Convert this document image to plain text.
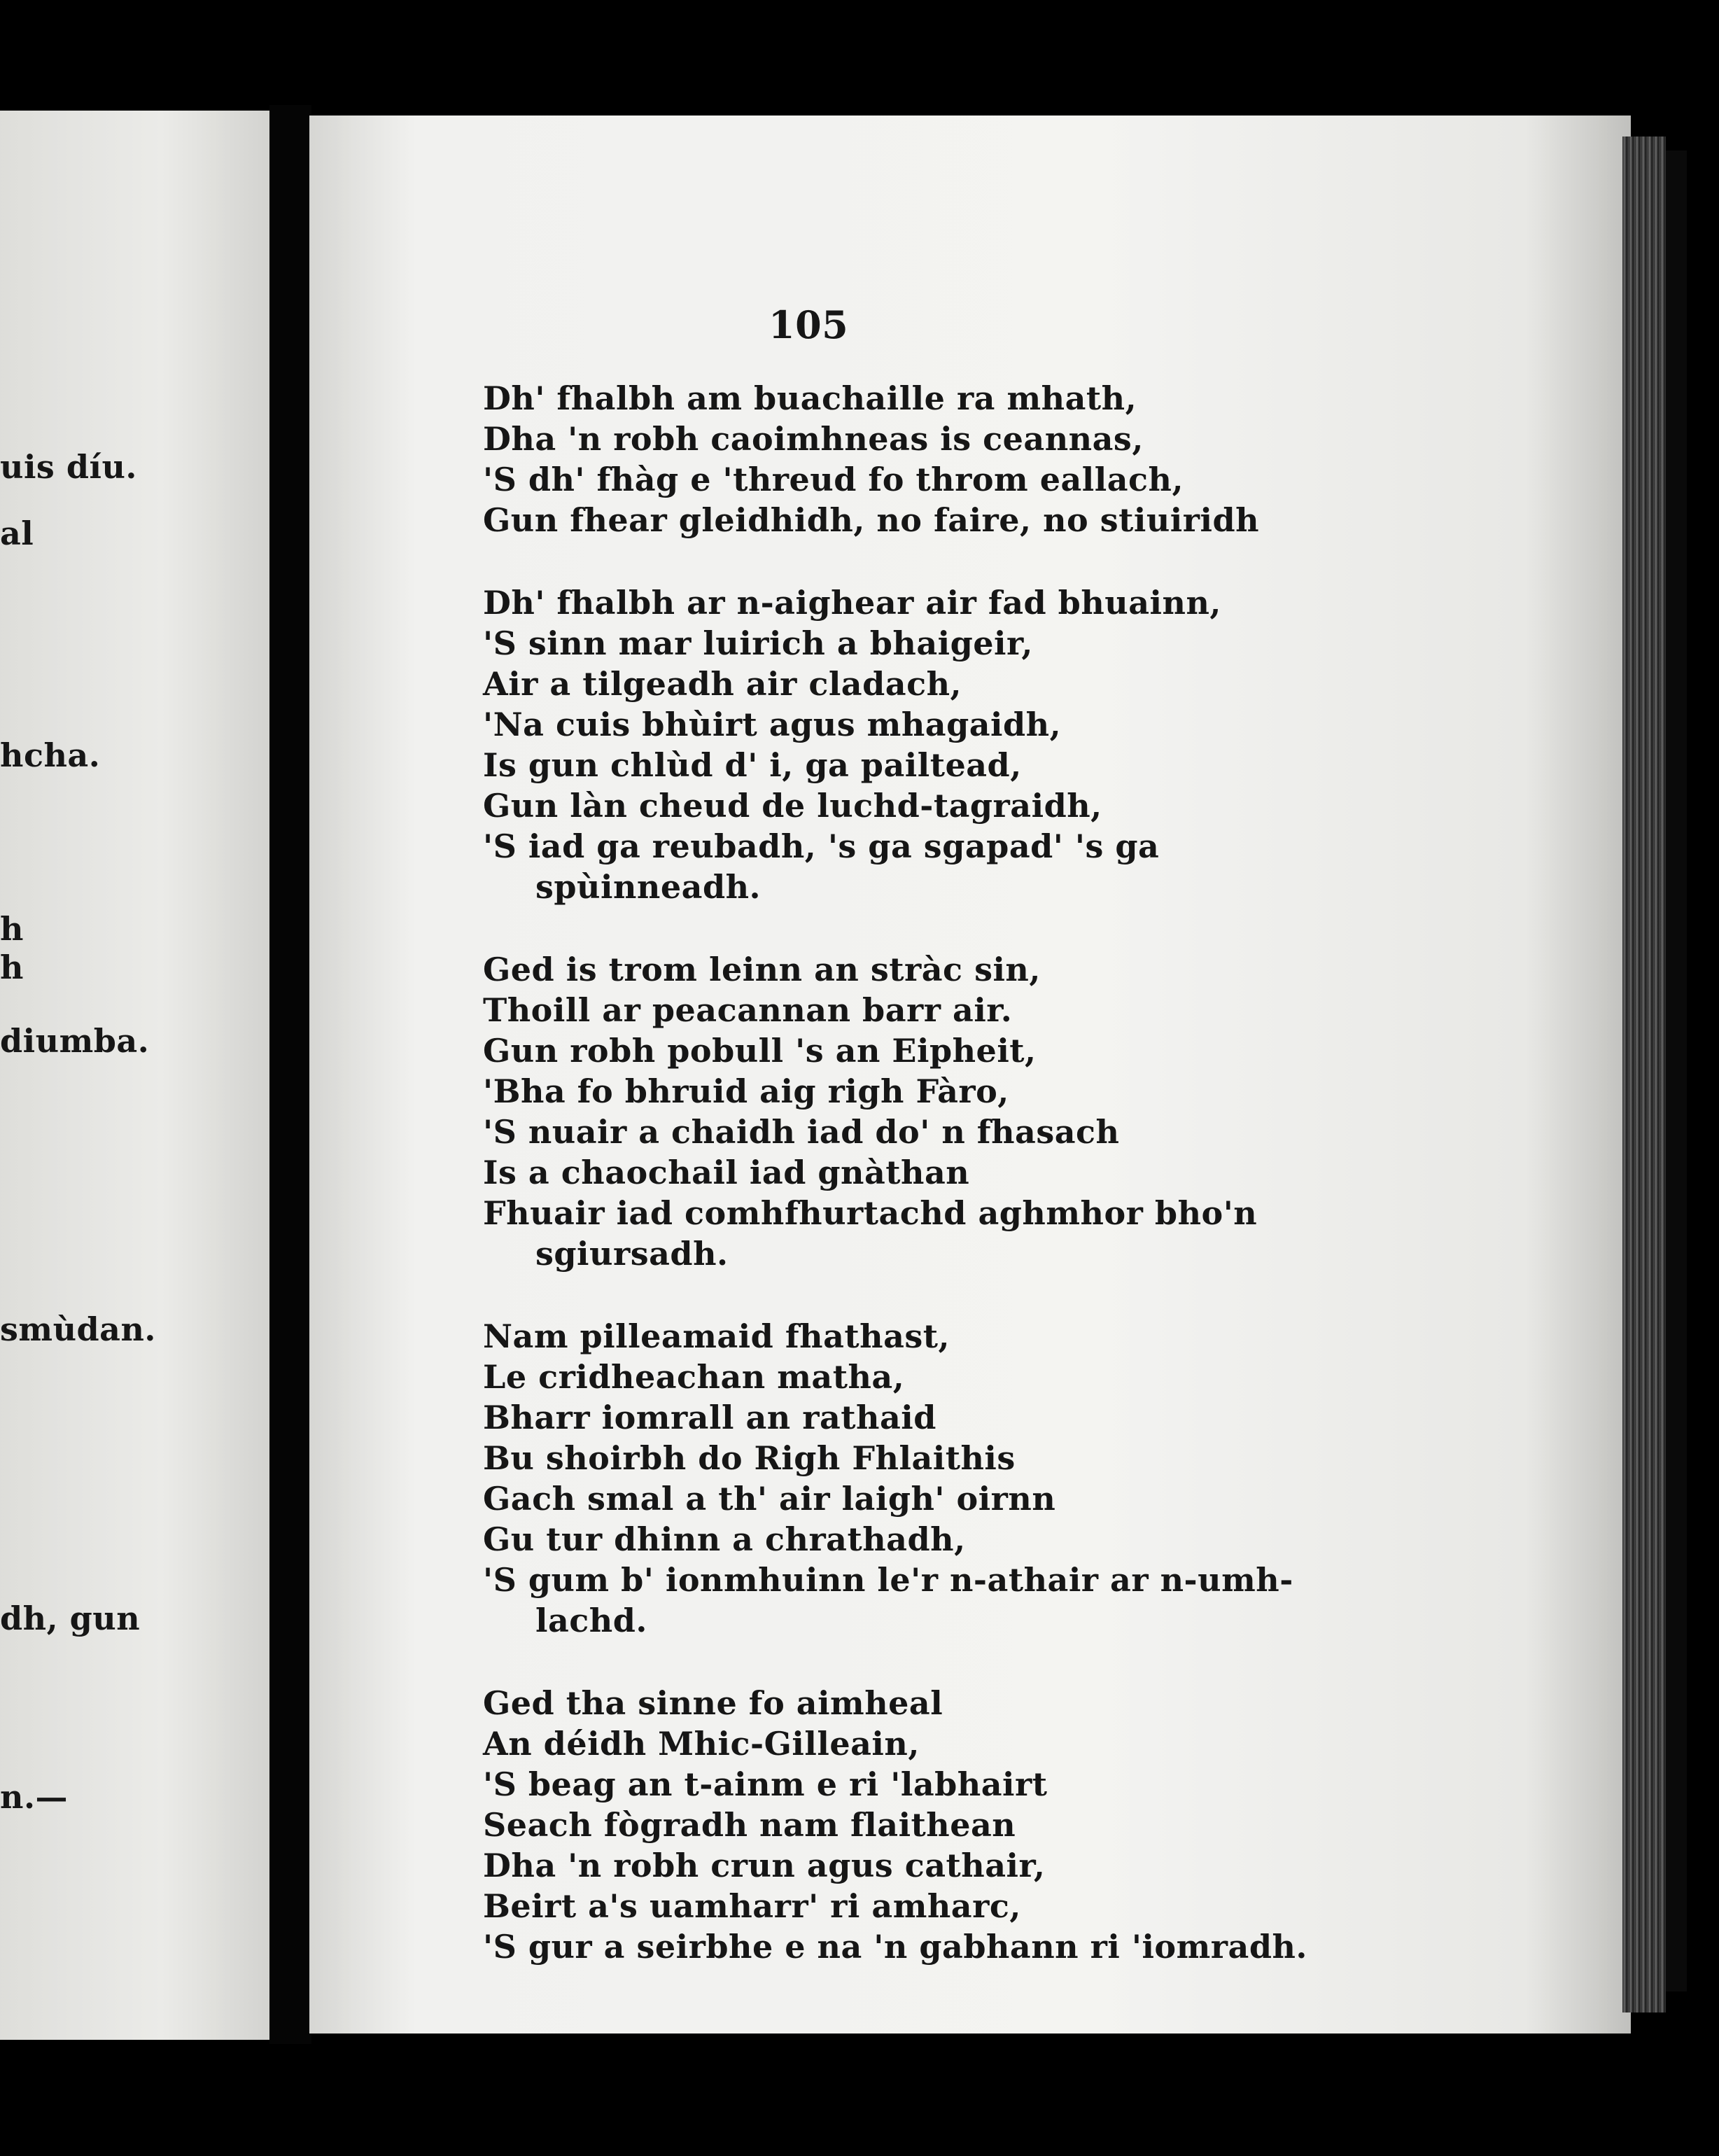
uis díu.
al
hcha.
h
h
diumba.
smùdan.
dh, gun
n.—
105
Dh' fhalbh am buachaille ra mhath,
Dha 'n robh caoimhneas is ceannas,
'S dh' fhàg e 'threud fo throm eallach,
Gun fhear gleidhidh, no faire, no stiuiridh
Dh' fhalbh ar n-aighear air fad bhuainn,
'S sinn mar luirich a bhaigeir,
Air a tilgeadh air cladach,
'Na cuis bhùirt agus mhagaidh,
Is gun chlùd d' i, ga pailtead,
Gun làn cheud de luchd-tagraidh,
'S iad ga reubadh, 's ga sgapad' 's ga
spùinneadh.
Ged is trom leinn an stràc sin,
Thoill ar peacannan barr air.
Gun robh pobull 's an Eipheit,
'Bha fo bhruid aig righ Fàro,
'S nuair a chaidh iad do' n fhasach
Is a chaochail iad gnàthan
Fhuair iad comhfhurtachd aghmhor bho'n
sgiursadh.
Nam pilleamaid fhathast,
Le cridheachan matha,
Bharr iomrall an rathaid
Bu shoirbh do Righ Fhlaithis
Gach smal a th' air laigh' oirnn
Gu tur dhinn a chrathadh,
'S gum b' ionmhuinn le'r n-athair ar n-umh-
lachd.
Ged tha sinne fo aimheal
An déidh Mhic-Gilleain,
'S beag an t-ainm e ri 'labhairt
Seach fògradh nam flaithean
Dha 'n robh crun agus cathair,
Beirt a's uamharr' ri amharc,
'S gur a seirbhe e na 'n gabhann ri 'iomradh.
